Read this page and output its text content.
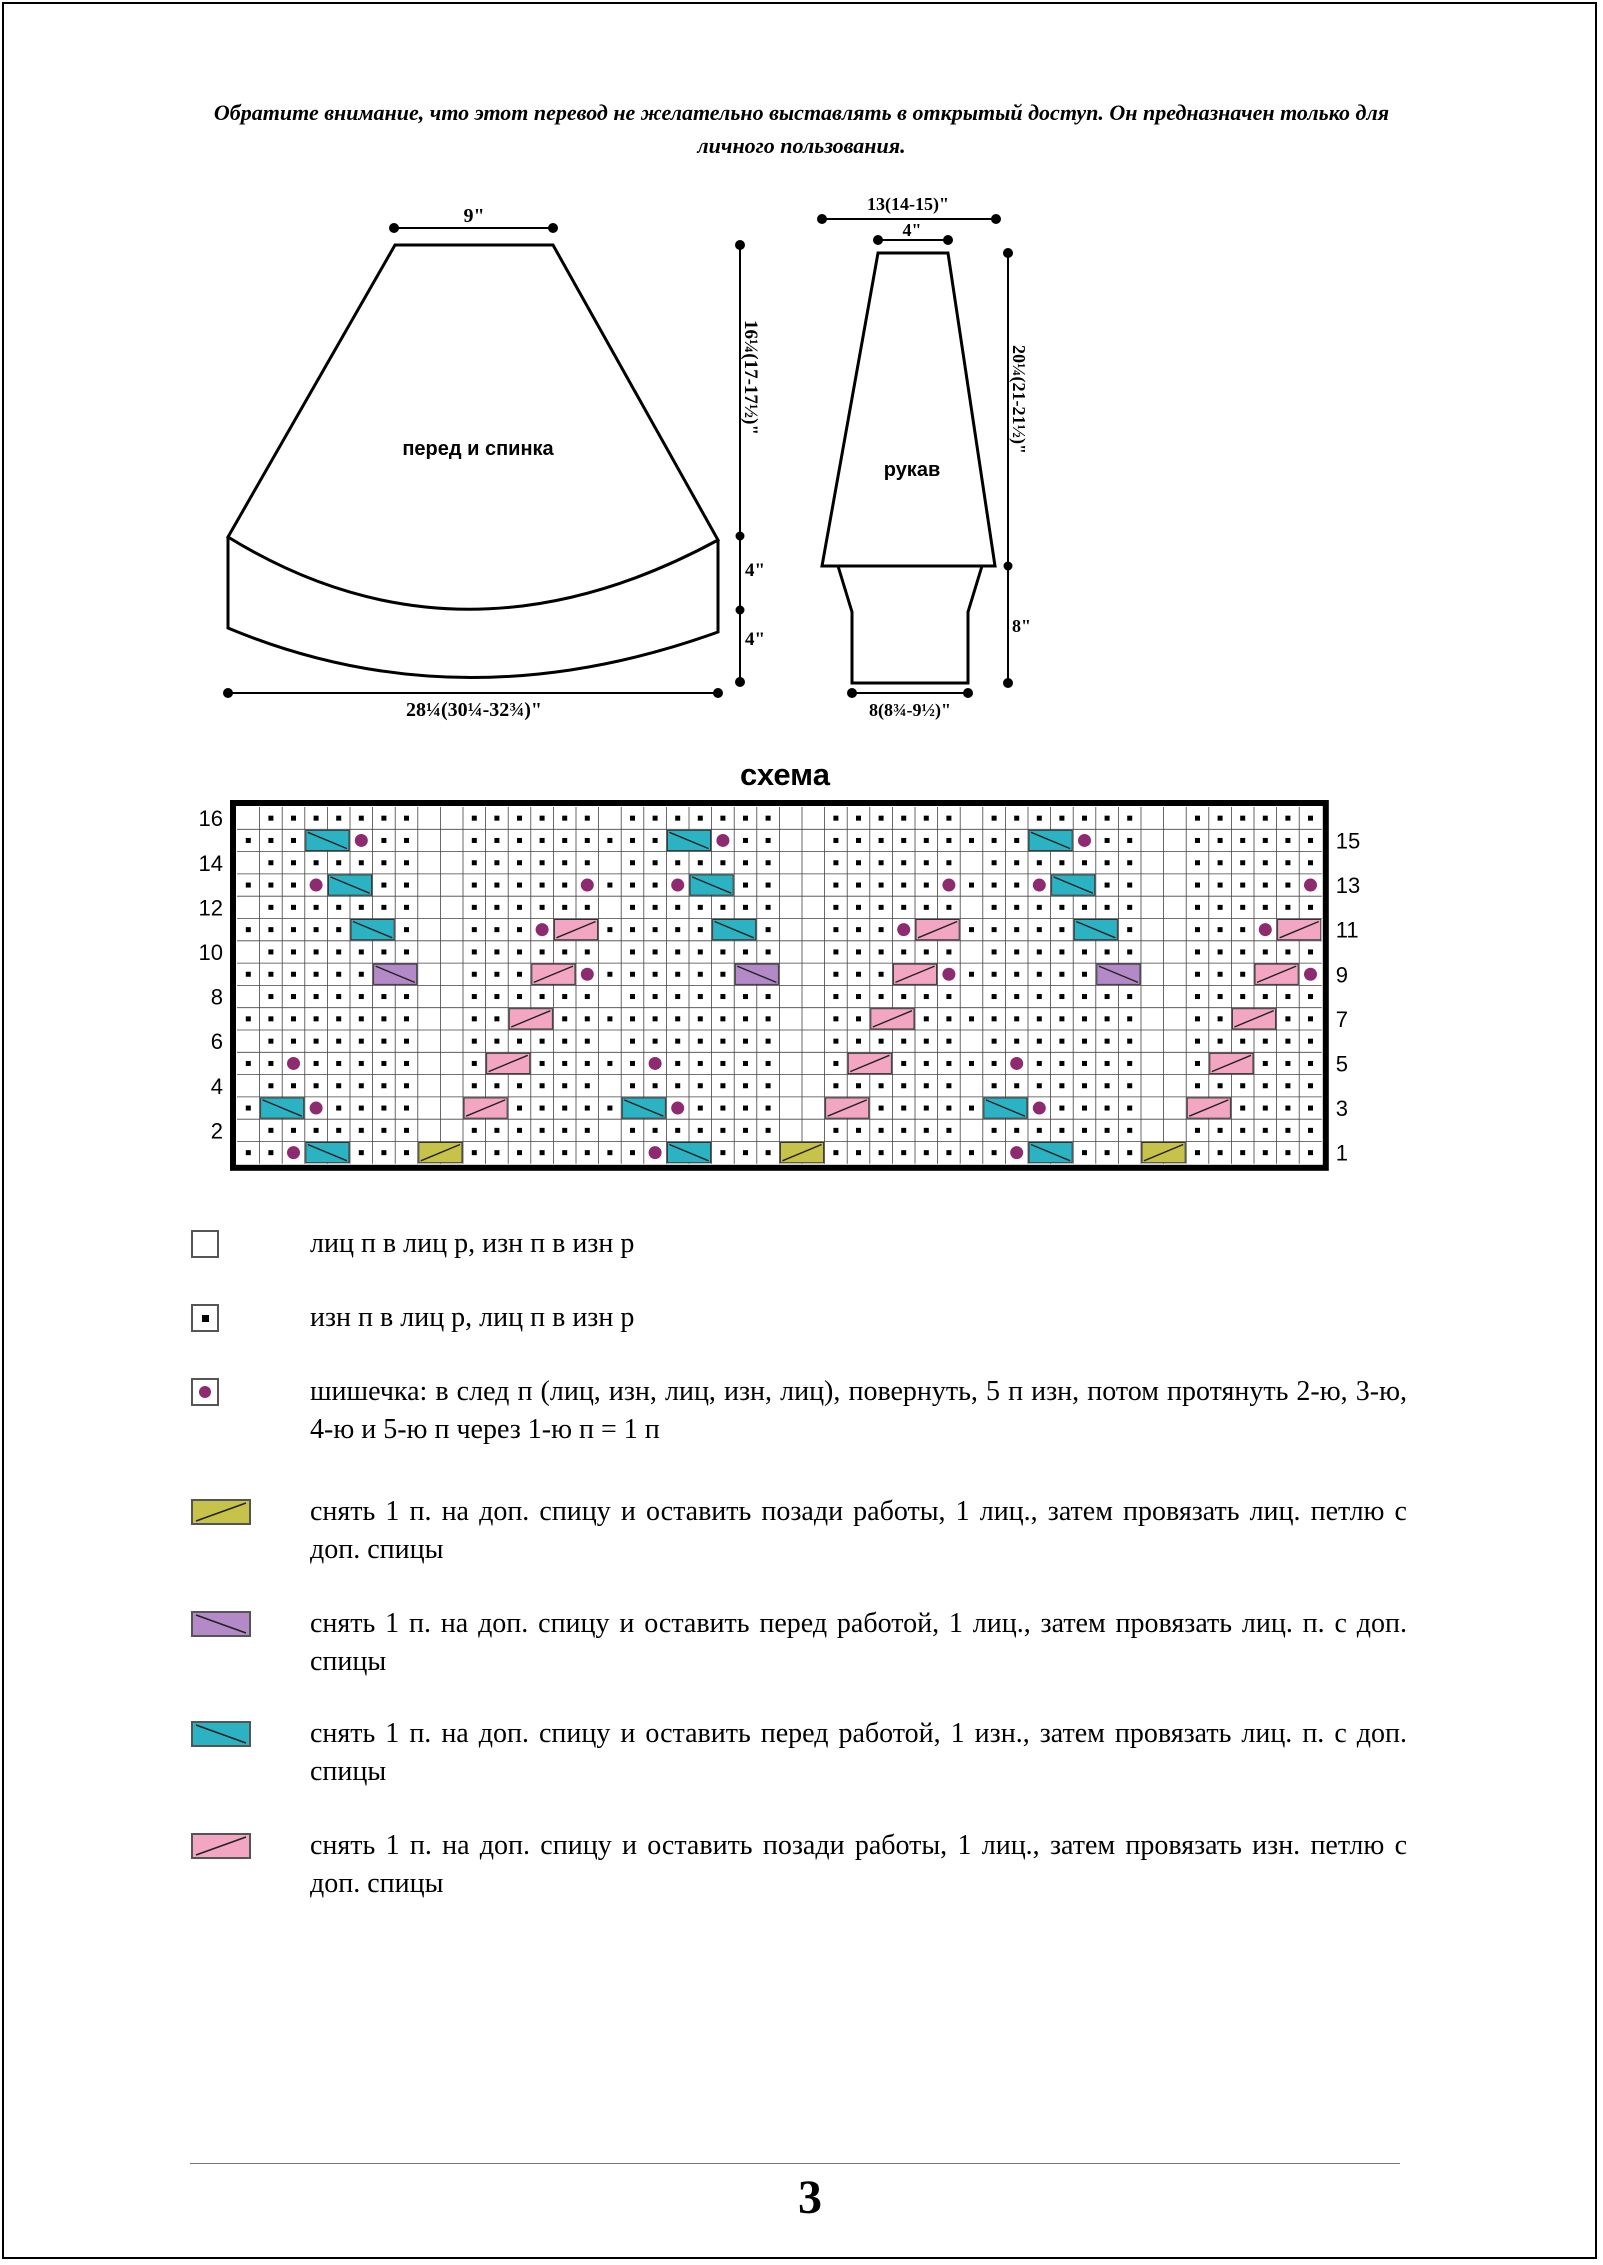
Обратите внимание, что этот перевод не желательно выставлять в открытый доступ. Он предназначен только для личного пользования.
перед и спинка
9"
16¼(17-17½)"
4"
4"
28¼(30¼-32¾)"
рукав
13(14-15)"
4"
20¼(21-21½)"
8"
8(8¾-9½)"
схема
2
4
6
8
10
12
14
16
1
3
5
7
9
11
13
15
лиц п в лиц р, изн п в изн р
изн п в лиц р, лиц п в изн р
шишечка: в след п (лиц, изн, лиц, изн, лиц), повернуть, 5 п изн, потом протянуть 2-ю, 3-ю, 4-ю и 5-ю п через 1-ю п = 1 п
снять 1 п. на доп. спицу и оставить позади работы, 1 лиц., затем провязать лиц. петлю с доп. спицы
снять 1 п. на доп. спицу и оставить перед работой, 1 лиц., затем провязать лиц. п. с доп. спицы
снять 1 п. на доп. спицу и оставить перед работой, 1 изн., затем провязать лиц. п. с доп. спицы
снять 1 п. на доп. спицу и оставить позади работы, 1 лиц., затем провязать изн. петлю с доп. спицы
3
